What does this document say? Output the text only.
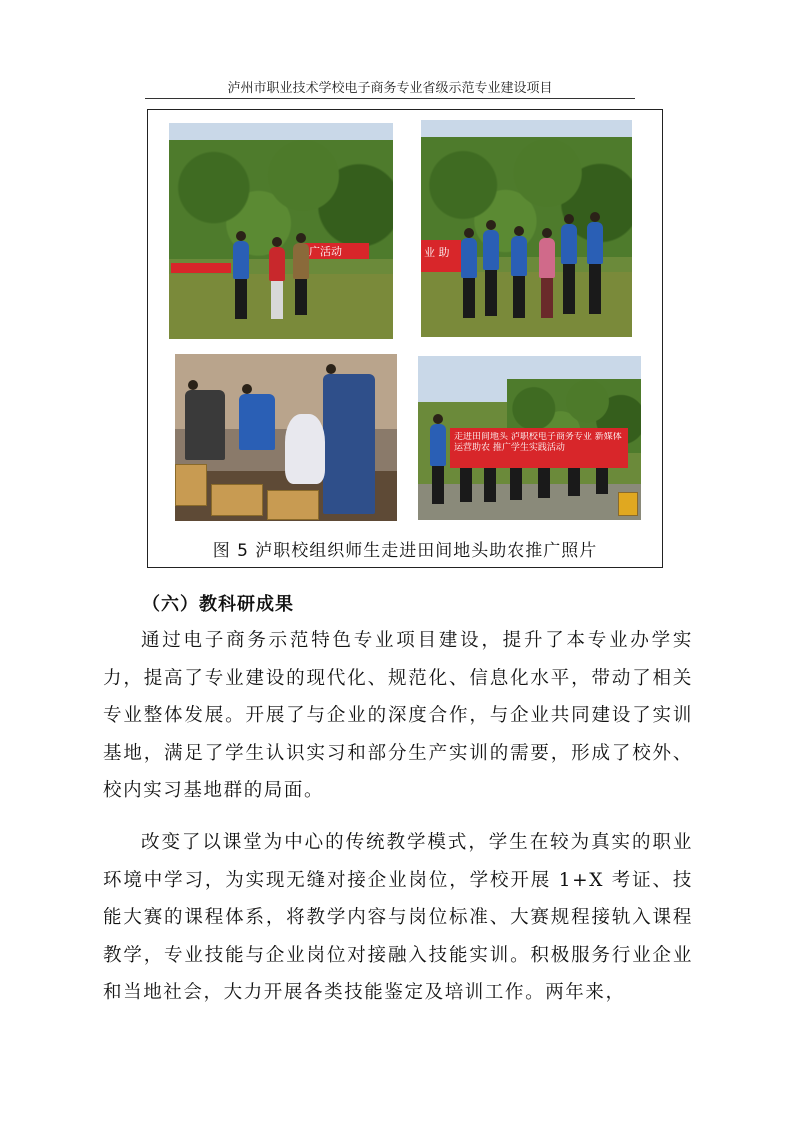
泸州市职业技术学校电子商务专业省级示范专业建设项目
广活动	业 助
走进田间地头 泸职校电子商务专业 新媒体运营助农 推广学生实践活动
图 5 泸职校组织师生走进田间地头助农推广照片
（六）教科研成果

通过电子商务示范特色专业项目建设，提升了本专业办学实力，提高了专业建设的现代化、规范化、信息化水平，带动了相关专业整体发展。开展了与企业的深度合作，与企业共同建设了实训基地，满足了学生认识实习和部分生产实训的需要，形成了校外、校内实习基地群的局面。

改变了以课堂为中心的传统教学模式，学生在较为真实的职业环境中学习，为实现无缝对接企业岗位，学校开展 1+X 考证、技能大赛的课程体系，将教学内容与岗位标准、大赛规程接轨入课程教学，专业技能与企业岗位对接融入技能实训。积极服务行业企业和当地社会，大力开展各类技能鉴定及培训工作。两年来，
